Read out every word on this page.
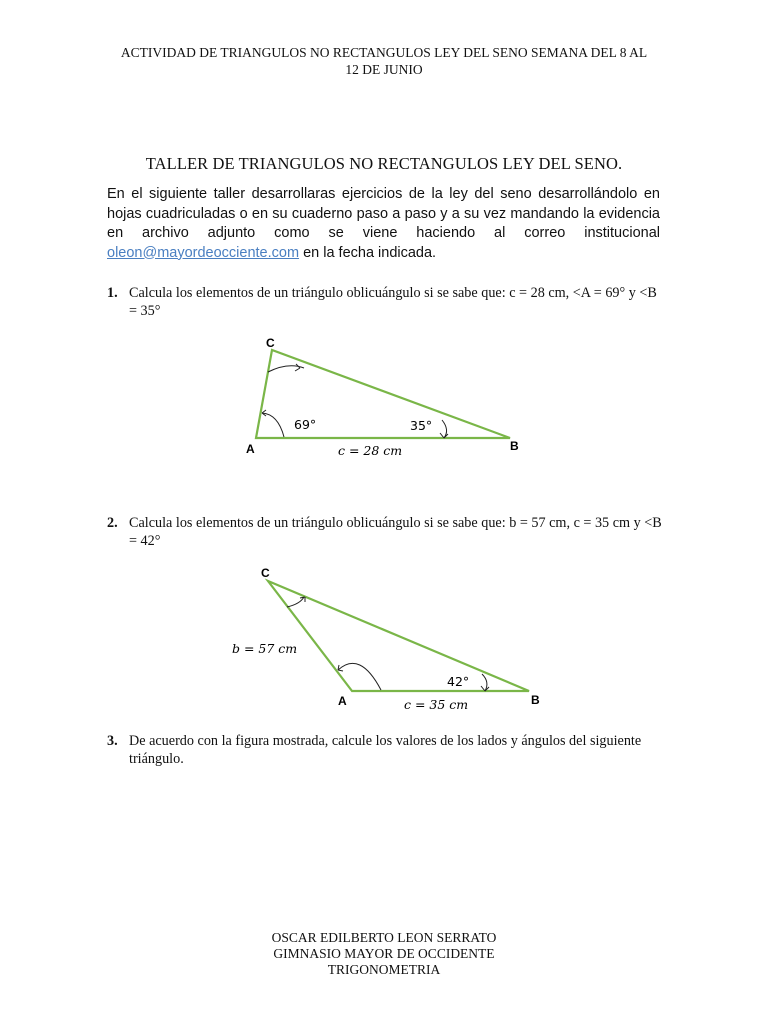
ACTIVIDAD DE TRIANGULOS NO RECTANGULOS LEY DEL SENO SEMANA DEL 8 AL
12 DE JUNIO
TALLER DE TRIANGULOS NO RECTANGULOS LEY DEL SENO.
En el siguiente taller desarrollaras ejercicios de la ley del seno desarrollándolo en hojas cuadriculadas o en su cuaderno paso a paso y a su vez mandando la evidencia en archivo adjunto como se viene haciendo al correo institucional oleon@mayordeocciente.com en la fecha indicada.
1. Calcula los elementos de un triángulo oblicuángulo si se sabe que: c = 28 cm, <A = 69° y <B = 35°
2. Calcula los elementos de un triángulo oblicuángulo si se sabe que: b = 57 cm, c = 35 cm y <B = 42°
3. De acuerdo con la figura mostrada, calcule los valores de los lados y ángulos del siguiente triángulo.
C
A	B
69°	35°
c = 28 cm
C
A	B
b = 57 cm
42°
c = 35 cm
OSCAR EDILBERTO LEON SERRATO
GIMNASIO MAYOR DE OCCIDENTE
TRIGONOMETRIA
